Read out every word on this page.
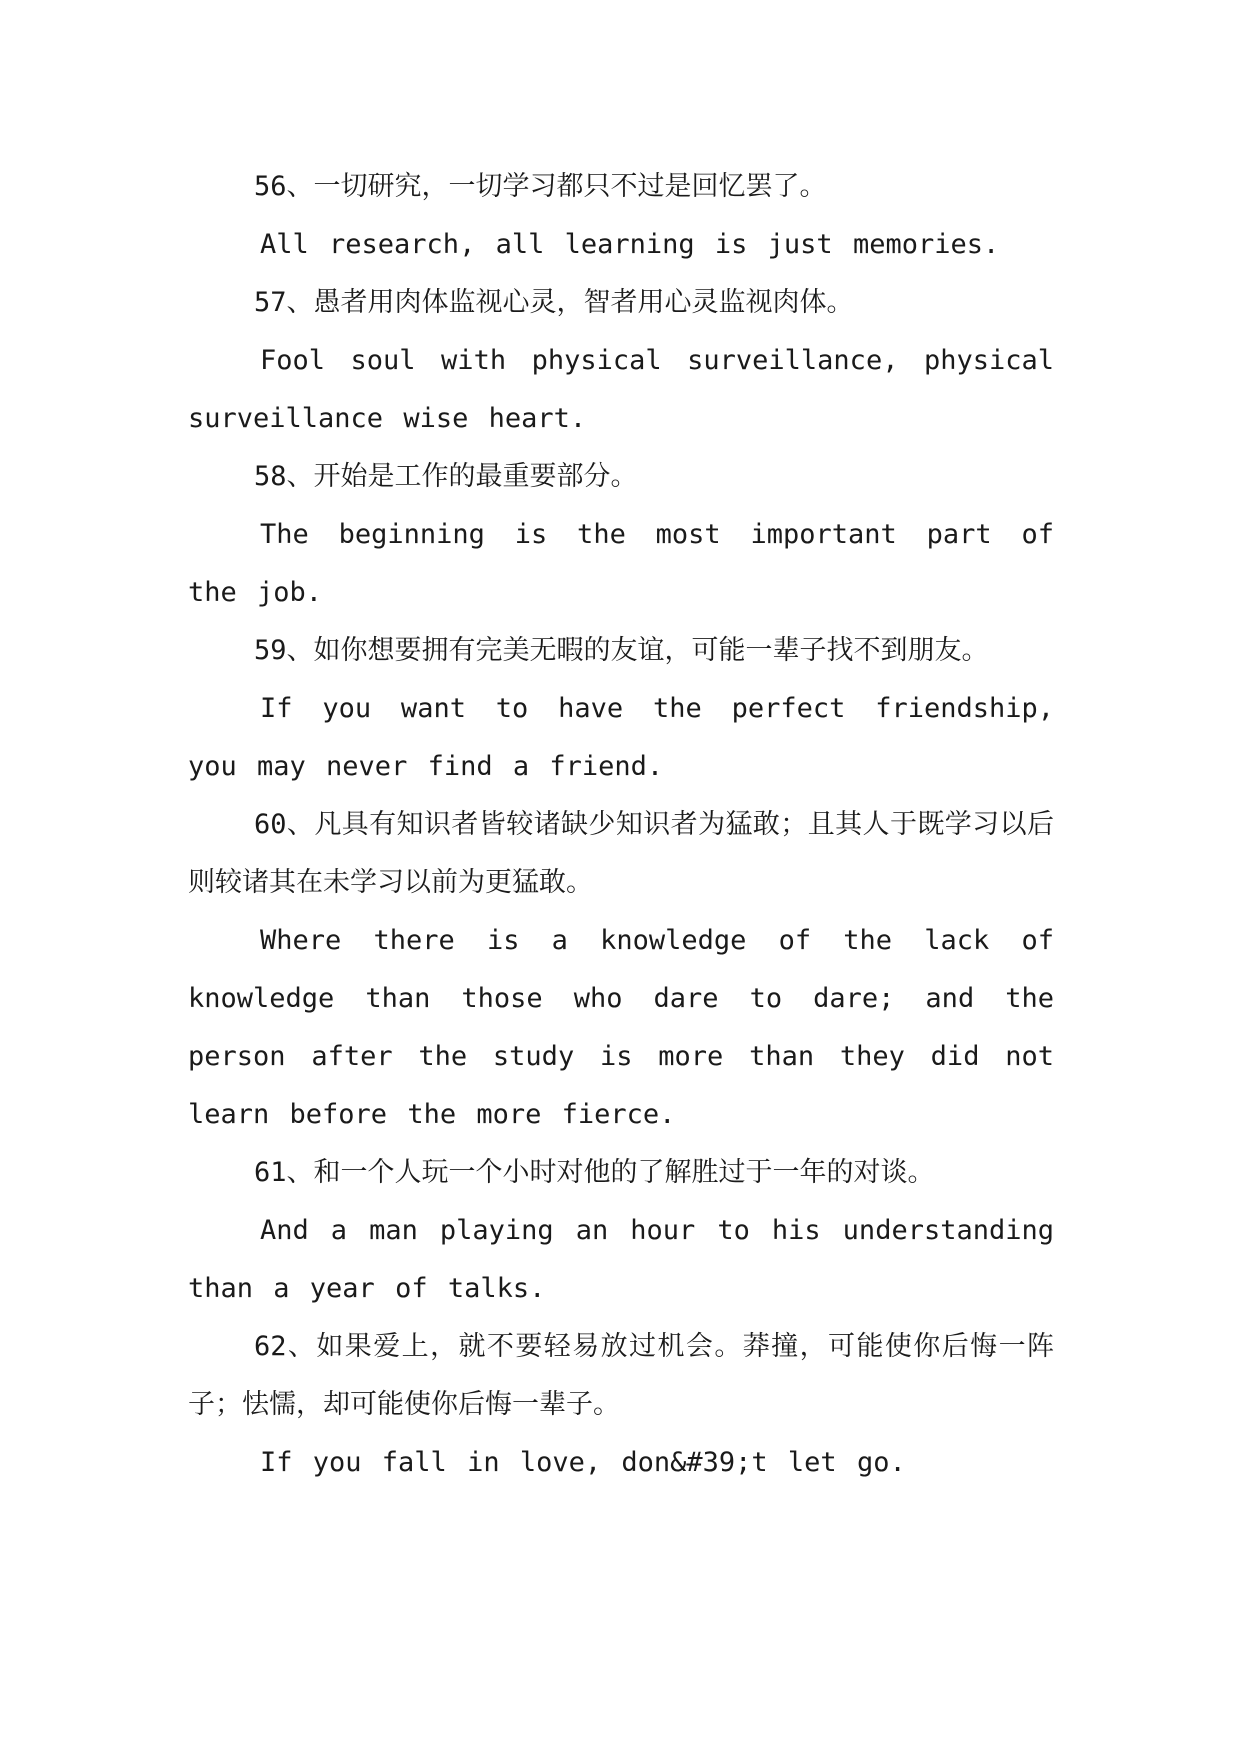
56、一切研究，一切学习都只不过是回忆罢了。

All research, all learning is just memories.

57、愚者用肉体监视心灵，智者用心灵监视肉体。

Fool soul with physical surveillance, physical surveillance wise heart.

58、开始是工作的最重要部分。

The beginning is the most important part of the job.

59、如你想要拥有完美无暇的友谊，可能一辈子找不到朋友。

If you want to have the perfect friendship, you may never find a friend.

60、凡具有知识者皆较诸缺少知识者为猛敢；且其人于既学习以后则较诸其在未学习以前为更猛敢。

Where there is a knowledge of the lack of knowledge than those who dare to dare; and the person after the study is more than they did not learn before the more fierce.

61、和一个人玩一个小时对他的了解胜过于一年的对谈。

And a man playing an hour to his understanding than a year of talks.

62、如果爱上，就不要轻易放过机会。莽撞，可能使你后悔一阵子；怯懦，却可能使你后悔一辈子。

If you fall in love, don&#39;t let go.
